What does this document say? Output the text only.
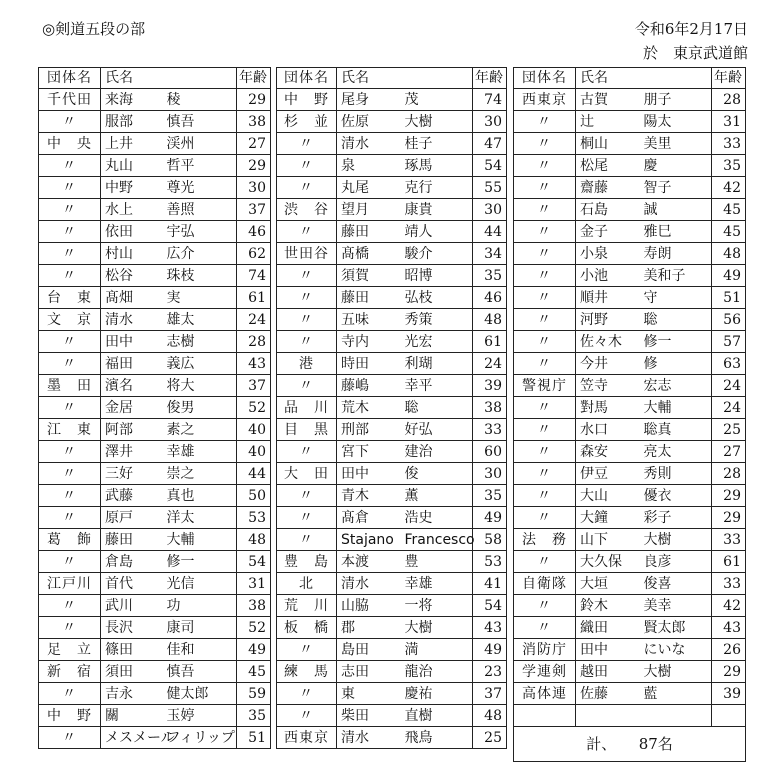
◎剣道五段の部	令和6年2月17日
於　東京武道館
団体名	氏名		年齢
千代田	来海	稜	29
〃	服部	慎吾	38
中　央	上井	渓州	27
〃	丸山	哲平	29
〃	中野	尊光	30
〃	水上	善照	37
〃	依田	宇弘	46
〃	村山	広介	62
〃	松谷	珠枝	74
台　東	髙畑	実	61
文　京	清水	雄太	24
〃	田中	志樹	28
〃	福田	義広	43
墨　田	濱名	将大	37
〃	金居	俊男	52
江　東	阿部	素之	40
〃	澤井	幸雄	40
〃	三好	崇之	44
〃	武藤	真也	50
〃	原戸	洋太	53
葛　飾	藤田	大輔	48
〃	倉島	修一	54
江戸川	首代	光信	31
〃	武川	功	38
〃	長沢	康司	52
足　立	篠田	佳和	49
新　宿	須田	慎吾	45
〃	吉永	健太郎	59
中　野	關	玉婷	35
〃	メスメール	フィリップ	51
団体名	氏名		年齢
中　野	尾身	茂	74
杉　並	佐原	大樹	30
〃	清水	桂子	47
〃	泉	琢馬	54
〃	丸尾	克行	55
渋　谷	望月	康貴	30
〃	藤田	靖人	44
世田谷	髙橋	駿介	34
〃	須賀	昭博	35
〃	藤田	弘枝	46
〃	五味	秀策	48
〃	寺内	光宏	61
港	時田	利瑚	24
〃	藤嶋	幸平	39
品　川	荒木	聡	38
目　黒	刑部	好弘	33
〃	宮下	建治	60
大　田	田中	俊	30
〃	青木	薫	35
〃	髙倉	浩史	49
〃	Stajano	Francesco	58
豊　島	本渡	豊	53
北	清水	幸雄	41
荒　川	山脇	一将	54
板　橋	郡	大樹	43
〃	島田	満	49
練　馬	志田	龍治	23
〃	東	慶祐	37
〃	柴田	直樹	48
西東京	清水	飛鳥	25
団体名	氏名		年齢
西東京	古賀	朋子	28
〃	辻	陽太	31
〃	桐山	美里	33
〃	松尾	慶	35
〃	齋藤	智子	42
〃	石島	誠	45
〃	金子	雅巳	45
〃	小泉	寿朗	48
〃	小池	美和子	49
〃	順井	守	51
〃	河野	聡	56
〃	佐々木	修一	57
〃	今井	修	63
警視庁	笠寺	宏志	24
〃	對馬	大輔	24
〃	水口	聡真	25
〃	森安	亮太	27
〃	伊豆	秀則	28
〃	大山	優衣	29
〃	大鐘	彩子	29
法　務	山下	大樹	33
〃	大久保	良彦	61
自衛隊	大垣	俊喜	33
〃	鈴木	美幸	42
〃	織田	賢太郎	43
消防庁	田中	にいな	26
学連剣	越田	大樹	29
高体連	佐藤	藍	39

計、　　87名			
